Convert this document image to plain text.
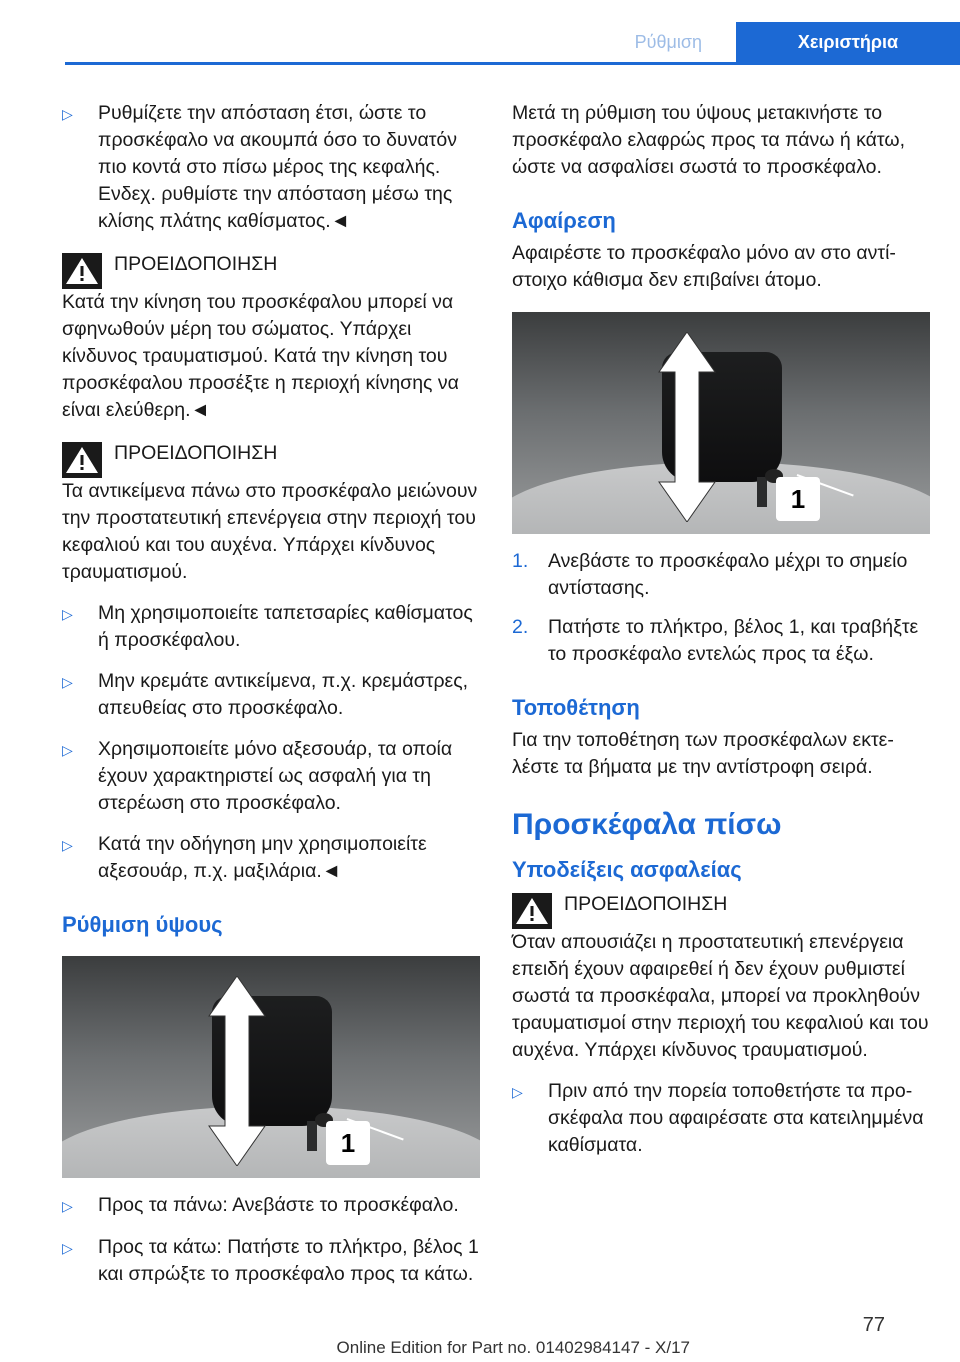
Ρύθμιση	Χειριστήρια
▷	Ρυθμίζετε την απόσταση έτσι, ώστε το προσκέφαλο να ακουμπά όσο το δυνατόν πιο κοντά στο πίσω μέρος της κεφαλής. Ενδεχ. ρυθμίστε την απόσταση μέσω της κλίσης πλάτης καθίσματος.◄
ΠΡΟΕΙΔΟΠΟΙΗΣΗ
Κατά την κίνηση του προσκέφαλου μπορεί να σφηνωθούν μέρη του σώματος. Υπάρχει κίνδυνος τραυματισμού. Κατά την κίνηση του προσκέφαλου προσέξτε η περιοχή κίνησης να είναι ελεύθερη.◄
ΠΡΟΕΙΔΟΠΟΙΗΣΗ
Τα αντικείμενα πάνω στο προσκέφαλο μειώνουν την προστατευτική επενέργεια στην περιοχή του κεφαλιού και του αυχένα. Υπάρχει κίνδυνος τραυματισμού.
▷	Μη χρησιμοποιείτε ταπετσαρίες καθίσματος ή προσκέφαλου.
▷	Μην κρεμάτε αντικείμενα, π.χ. κρεμάστρες, απευθείας στο προσκέφαλο.
▷	Χρησιμοποιείτε μόνο αξεσουάρ, τα οποία έχουν χαρακτηριστεί ως ασφαλή για τη στερέωση στο προσκέφαλο.
▷	Κατά την οδήγηση μην χρησιμοποιείτε αξεσουάρ, π.χ. μαξιλάρια.◄
Ρύθμιση ύψους
1
▷	Προς τα πάνω: Ανεβάστε το προσκέφαλο.
▷	Προς τα κάτω: Πατήστε το πλήκτρο, βέλος 1 και σπρώξτε το προσκέφαλο προς τα κάτω.
Μετά τη ρύθμιση του ύψους μετακινήστε το προσκέφαλο ελαφρώς προς τα πάνω ή κάτω, ώστε να ασφαλίσει σωστά το προσκέφαλο.
Αφαίρεση
Αφαιρέστε το προσκέφαλο μόνο αν στο αντίστοιχο κάθισμα δεν επιβαίνει άτομο.
1
1.	Ανεβάστε το προσκέφαλο μέχρι το σημείο αντίστασης.
2.	Πατήστε το πλήκτρο, βέλος 1, και τραβήξτε το προσκέφαλο εντελώς προς τα έξω.
Τοποθέτηση
Για την τοποθέτηση των προσκέφαλων εκτελέστε τα βήματα με την αντίστροφη σειρά.
Προσκέφαλα πίσω
Υποδείξεις ασφαλείας
ΠΡΟΕΙΔΟΠΟΙΗΣΗ
Όταν απουσιάζει η προστατευτική επενέργεια επειδή έχουν αφαιρεθεί ή δεν έχουν ρυθμιστεί σωστά τα προσκέφαλα, μπορεί να προκληθούν τραυματισμοί στην περιοχή του κεφαλιού και του αυχένα. Υπάρχει κίνδυνος τραυματισμού.
▷	Πριν από την πορεία τοποθετήστε τα προσκέφαλα που αφαιρέσατε στα κατειλημμένα καθίσματα.
77
Online Edition for Part no. 01402984147 - X/17
